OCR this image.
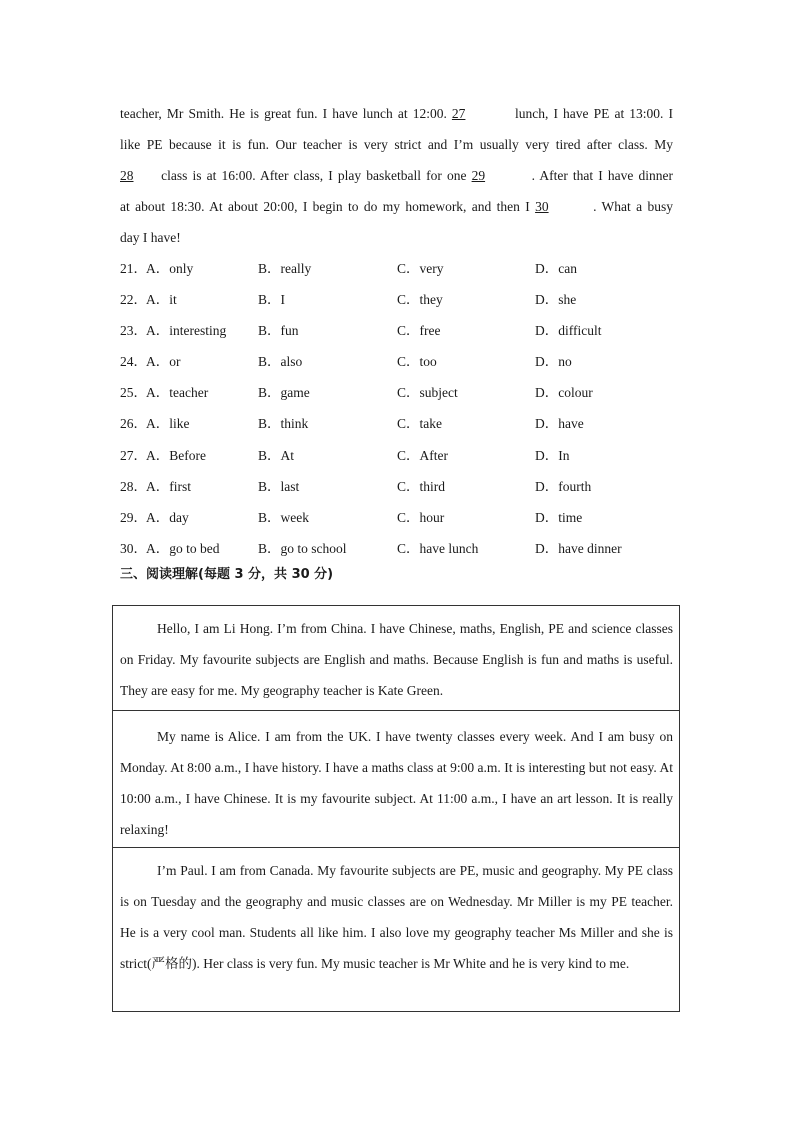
teacher, Mr Smith. He is great fun. I have lunch at 12:00. 27	lunch, I have PE at 13:00. I

like PE because it is fun. Our teacher is very strict and I’m usually very tired after class. My

28 class is at 16:00. After class, I play basketball for one 29	. After that I have dinner

at about 18:30. At about 20:00, I begin to do my homework, and then I 30	. What a busy

day I have!

21． A．only	B．really	C．very	D．can
22． A．it	B．I	C．they	D．she
23． A．interesting B．fun	C．free	D．difficult
24． A．or	B．also	C．too	D．no
25． A．teacher	B．game	C．subject	D．colour
26． A．like	B．think	C．take	D．have
27． A．Before	B．At	C．After	D．In
28． A．first	B．last	C．third	D．fourth
29． A．day	B．week	C．hour	D．time
30． A．go to bed	B．go to school	C．have lunch	D．have dinner
三、阅读理解(每题 3 分，共 30 分)

Hello, I am Li Hong. I’m from China. I have Chinese, maths, English, PE and science classes on Friday. My favourite subjects are English and maths. Because English is fun and maths is useful. They are easy for me. My geography teacher is Kate Green.

My name is Alice. I am from the UK. I have twenty classes every week. And I am busy on Monday. At 8:00 a.m., I have history. I have a maths class at 9:00 a.m. It is interesting but not easy. At 10:00 a.m., I have Chinese. It is my favourite subject. At 11:00 a.m., I have an art lesson. It is really relaxing!

I’m Paul. I am from Canada. My favourite subjects are PE, music and geography. My PE class is on Tuesday and the geography and music classes are on Wednesday. Mr Miller is my PE teacher. He is a very cool man. Students all like him. I also love my geography teacher Ms Miller and she is strict(严格的). Her class is very fun. My music teacher is Mr White and he is very kind to me.
